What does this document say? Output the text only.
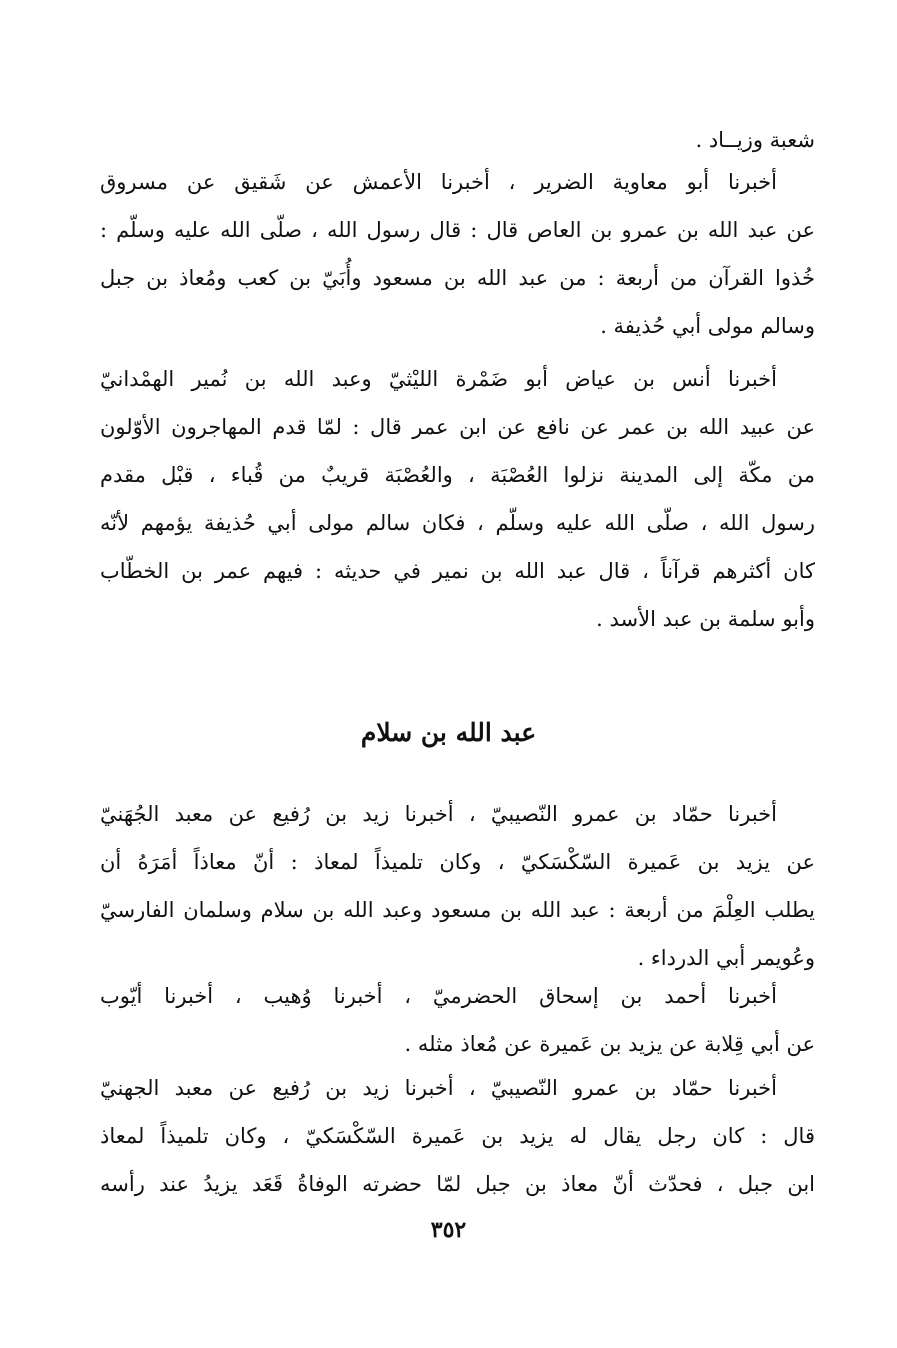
شعبة وزيــاد .
أخبرنا أبو معاوية الضرير ، أخبرنا الأعمش عن شَقيق عن مسروق
عن عبد الله بن عمرو بن العاص قال : قال رسول الله ، صلّى الله عليه وسلّم :
خُذوا القرآن من أربعة : من عبد الله بن مسعود وأُبَيّ بن كعب ومُعاذ بن جبل
وسالم مولى أبي حُذيفة .
أخبرنا أنس بن عياض أبو ضَمْرة الليْثيّ وعبد الله بن نُمير الهمْدانيّ
عن عبيد الله بن عمر عن نافع عن ابن عمر قال : لمّا قدم المهاجرون الأوّلون
من مكّة إلى المدينة نزلوا العُصْبَة ، والعُصْبَة قريبٌ من قُباء ، قبْل مقدم
رسول الله ، صلّى الله عليه وسلّم ، فكان سالم مولى أبي حُذيفة يؤمهم لأنّه
كان أكثرهم قرآناً ، قال عبد الله بن نمير في حديثه : فيهم عمر بن الخطّاب
وأبو سلمة بن عبد الأسد .
عبد الله بن سلام
أخبرنا حمّاد بن عمرو النّصيبيّ ، أخبرنا زيد بن رُفيع عن معبد الجُهَنيّ
عن يزيد بن عَميرة السّكْسَكيّ ، وكان تلميذاً لمعاذ : أنّ معاذاً أمَرَهُ أن
يطلب العِلْمَ من أربعة : عبد الله بن مسعود وعبد الله بن سلام وسلمان الفارسيّ
وعُويمر أبي الدرداء .
أخبرنا أحمد بن إسحاق الحضرميّ ، أخبرنا وُهيب ، أخبرنا أيّوب
عن أبي قِلابة عن يزيد بن عَميرة عن مُعاذ مثله .
أخبرنا حمّاد بن عمرو النّصيبيّ ، أخبرنا زيد بن رُفيع عن معبد الجهنيّ
قال : كان رجل يقال له يزيد بن عَميرة السّكْسَكيّ ، وكان تلميذاً لمعاذ
ابن جبل ، فحدّث أنّ معاذ بن جبل لمّا حضرته الوفاةُ قَعَد يزيدُ عند رأسه
٣٥٢
